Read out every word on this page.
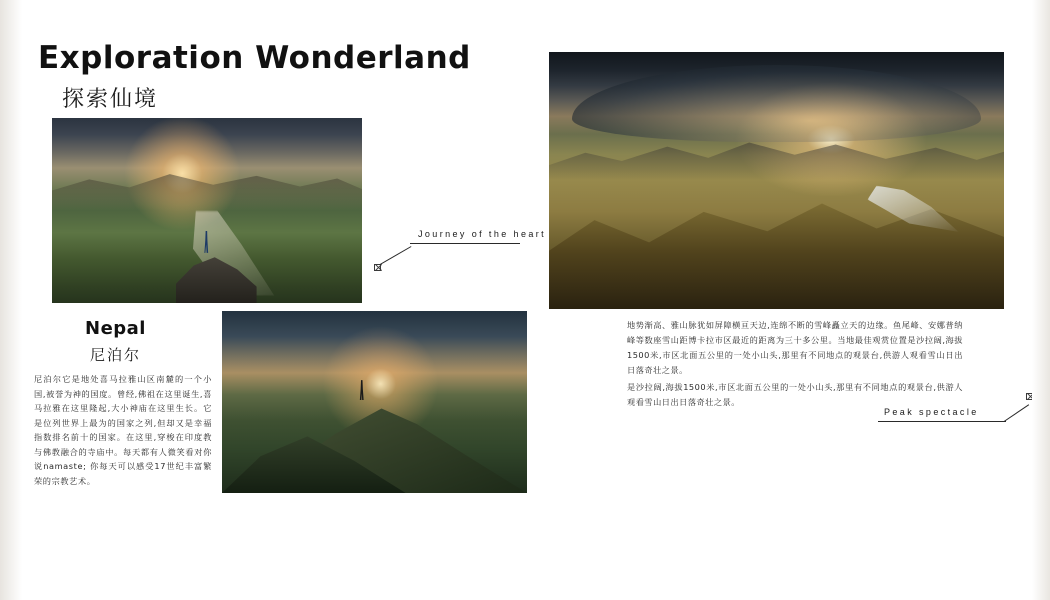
Exploration Wonderland
探索仙境
Journey of the heart
Nepal
尼泊尔
尼泊尔它是地处喜马拉雅山区南麓的一个小国,被誉为神的国度。曾经,佛祖在这里诞生,喜马拉雅在这里隆起,大小神庙在这里生长。它是位列世界上最为的国家之列,但却又是幸福指数排名前十的国家。在这里,穿梭在印度教与佛教融合的寺庙中。每天都有人微笑看对你说namaste; 你每天可以感受17世纪丰富繁荣的宗教艺术。

地势渐高、雅山脉犹如屏障横亘天边,连绵不断的雪峰矗立天的边缘。鱼尾峰、安娜普纳峰等数座雪山距博卡拉市区最近的距离为三十多公里。当地最佳观赏位置是沙拉阔,海拔1500米,市区北面五公里的一处小山头,那里有不同地点的观景台,供游人观看雪山日出日落奇壮之景。

是沙拉阔,海拔1500米,市区北面五公里的一处小山头,那里有不同地点的观景台,供游人观看雪山日出日落奇壮之景。

Peak spectacle
